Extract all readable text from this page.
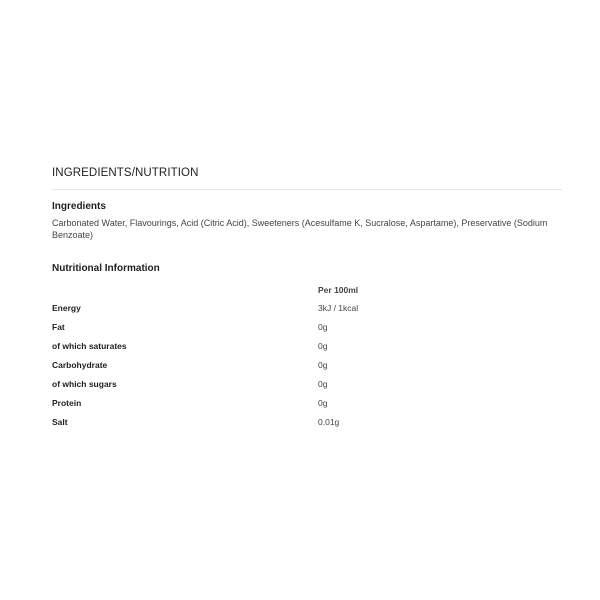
INGREDIENTS/NUTRITION
Ingredients
Carbonated Water, Flavourings, Acid (Citric Acid), Sweeteners (Acesulfame K, Sucralose, Aspartame), Preservative (Sodium Benzoate)
Nutritional Information
	Per 100ml
Energy	3kJ / 1kcal
Fat	0g
of which saturates	0g
Carbohydrate	0g
of which sugars	0g
Protein	0g
Salt	0.01g
